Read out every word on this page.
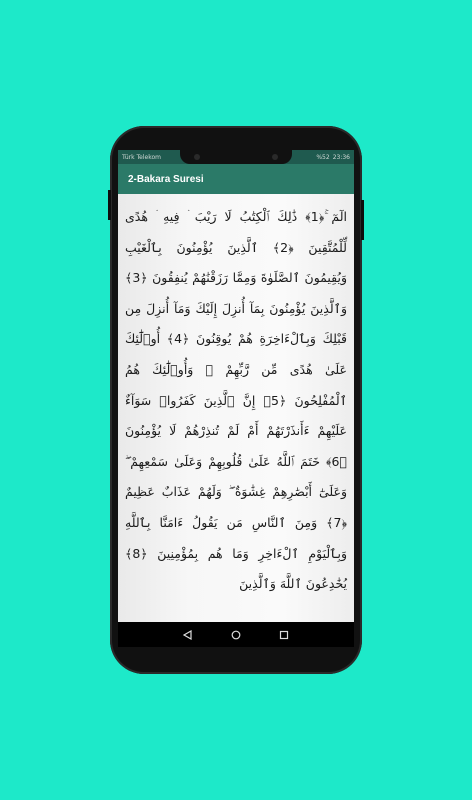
Türk Telekom	%52 23:36
2-Bakara Suresi
الٓمٓ ۚ﴿1﴾ ذَٰلِكَ ٱلْكِتَٰبُ لَا رَيْبَ ۛ فِيهِ ۛ هُدًى لِّلْمُتَّقِينَ ﴿2﴾ ٱلَّذِينَ يُؤْمِنُونَ بِٱلْغَيْبِ وَيُقِيمُونَ ٱلصَّلَوٰةَ وَمِمَّا رَزَقْنَٰهُمْ يُنفِقُونَ ﴿3﴾ وَٱلَّذِينَ يُؤْمِنُونَ بِمَآ أُنزِلَ إِلَيْكَ وَمَآ أُنزِلَ مِن قَبْلِكَ وَبِٱلْءَاخِرَةِ هُمْ يُوقِنُونَ ﴿4﴾ أُو۟لَٰٓئِكَ عَلَىٰ هُدًى مِّن رَّبِّهِمْ ۖ وَأُو۟لَٰٓئِكَ هُمُ ٱلْمُفْلِحُونَ ﴿5﴾ إِنَّ ٱلَّذِينَ كَفَرُوا۟ سَوَآءٌ عَلَيْهِمْ ءَأَنذَرْتَهُمْ أَمْ لَمْ تُنذِرْهُمْ لَا يُؤْمِنُونَ ﴿6﴾ خَتَمَ ٱللَّهُ عَلَىٰ قُلُوبِهِمْ وَعَلَىٰ سَمْعِهِمْ ۖ وَعَلَىٰٓ أَبْصَٰرِهِمْ غِشَٰوَةٌ ۖ وَلَهُمْ عَذَابٌ عَظِيمٌ ﴿7﴾ وَمِنَ ٱلنَّاسِ مَن يَقُولُ ءَامَنَّا بِٱللَّهِ وَبِٱلْيَوْمِ ٱلْءَاخِرِ وَمَا هُم بِمُؤْمِنِينَ ﴿8﴾ يُخَٰدِعُونَ ٱللَّهَ وَٱلَّذِينَ
